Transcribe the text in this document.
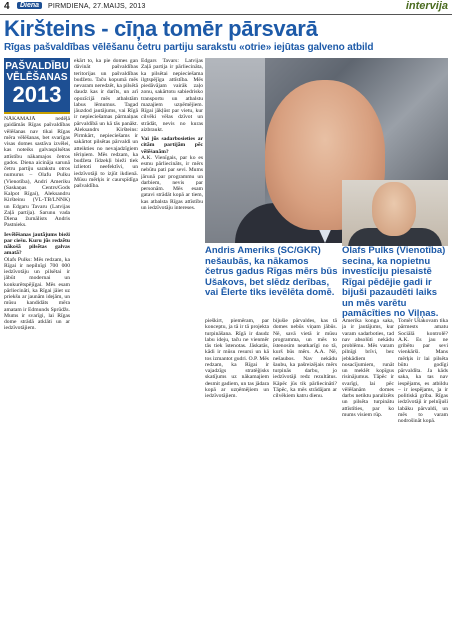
4	Diena	PIRMDIENA, 27.MAIJS, 2013	intervija
Kiršteins - cīņa tomēr pārsvarā
Rīgas pašvaldības vēlēšanu četru partiju sarakstu «otrie» iejūtas galveno atbild
PAŠVALDĪBU
VĒLĒŠANAS
2013

NĀKAMAJĀ nedēļā gaidāmās Rīgas pašvaldības vēlēšanas nav tikai Rīgas mēra vēlēšanas, bet svarīgas visas domes sastāva izvēlei, kas noteiks galvaspilsētas attīstību nākamajos četros gados. Diena aicināja sarunā četru partiju sarakstu otros numurus – Olafu Pulku (Vienotība), Andri Ameriku (Saskaņas Centrs/Gods Kalpot Rīgai), Aleksandru Kiršteinu (VL-TB/LNNK) un Edgaru Tavaru (Latvijas Zaļā partija). Sarunu vada Diena žurnālists Andris Pastnieks.

Ievēlēšanas jautājums bieži par ciešu. Kuru jūs redzētu nākošā pilsētas galvas amatā?

Olafs Pulks: Mēs redzam, ka Rīgai ir nepilnīgi 700 000 iedzīvotāju un pilsētai ir jābūt modernai un konkurētspējīgai. Mēs esam pārliecināti, ka Rīgai jāiet uz priekšu ar jaunām idejām, un mūsu kandidāts mēra amatam ir Edmunds Sprūdžs. Mums ir svarīgi, lai Rīgas dome strādā atklāti un ar iedzīvotājiem.

ekārt to, ka pie domes gan dāvināt pašvaldības teritorijas un pašvaldības budžetu. Taču kopumā mēs nevaram neredzēt, ka pilsētā daudz kas ir darīts, un arī opozīcijā mēs atbalstām labus lēmumus. Tagad jāuzdod jautājums, vai Rīgā ir nepieciešamas pārmaiņas pārvaldībā un kā tās panākt. Aleksandrs Kiršteins: Pirmkārt, nepieciešams ir sakārtot pilsētas pārvaldi un atteikties no nevajadzīgiem tēriņiem. Mēs redzam, ka budžeta līdzekļi bieži tiek izlietoti neefektīvi, un iedzīvotāji to izjūt ikdienā. Mūsu mērķis ir caurspīdīga pašvaldība.

Edgars Tavars: Latvijas Zaļā partija ir pārliecināta, ka pilsētai nepieciešama ilgtspējīga attīstība. Mēs piedāvājam vairāk zaļo zonu, sakārtotu sabiedrisko transportu un atbalstu mazajiem uzņēmējiem. Rīgai jākļūst par vietu, kur cilvēki vēlas dzīvot un strādāt, nevis no kuras aizbraukt.

Vai jūs sadarbosieties ar citām partijām pēc vēlēšanām?

A.K. Vienīgais, par ko es esmu pārliecināts, ir mērs nebūtu pati par sevi. Mums jārunā par programmu un darbiem, nevis par personām. Mēs esam gatavi strādāt kopā ar tiem, kas atbalsta Rīgas attīstību un iedzīvotāju intereses.

Andris Ameriks (SC/GKR) nešaubās, ka nākamos četrus gadus Rīgas mērs būs Ušakovs, bet slēdz derības, vai Ēlerte tiks ievēlēta domē.
Olafs Pulks (Vienotība) secina, ka nopietnu investīciju piesaistē Rīgai pēdējie gadi ir bijuši pazaudēti laiks un mēs varētu pamācīties no Viļņas.

pieškirt, piemēram, par konceptu, ja tā ir tā projekta turpināšana. Rīgā ir daudz labu ideju, taču ne vienmēr tās tiek īstenotas. Jāskatās, kādi ir mūsu resursi un kā tos izmantot gudri. O.P. Mēs redzam, ka Rīgai ir vajadzīgs stratēģisks skatījums uz nākamajiem desmit gadiem, un tas jādara kopā ar uzņēmējiem un iedzīvotājiem.

bijušie pārvaldes, kas tā domes nebūs viņam jābūs. Nē, savā vietā ir mūsu programma, un mēs to īstenosim neatkarīgi no tā, kurš būs mērs. A.A. Nē, nešaubos. Nav nekādu šaubu, ka pašreizējais mērs turpinās darbu, jo iedzīvotāji redz rezultātus. Kāpēc jūs tik pārliecināti? Tāpēc, ka mēs strādājam ar cilvēkiem katru dienu.

Amerika konga saka, ja ir jautājums, kur varam sadarboties, tad nav absolūti nekādu problēmu. Mēs varam pilnīgi brīvi, bez jebkādiem nosacījumiem, runāt un meklēt kopīgus risinājumus. Tāpēc ir svarīgi, lai pēc vēlēšanām domes darbs netiktu paralizēts un pilsēta turpinātu attīstīties, par ko mums visiem rūp.

Tomēr Ušakovam tika pārmests amatu Sociālā kontrolē? A.K. Es jau ne gribētu par sevi vienkārši. Mans mērķis ir lai pilsēta būtu godīgi pārvaldīta. Ja kāds saka, ka tas nav iespējams, es atbildu – ir iespējams, ja ir politiskā griba. Rīgas iedzīvotāji ir pelnījuši labāku pārvaldi, un mēs to varam nodrošināt kopā.
